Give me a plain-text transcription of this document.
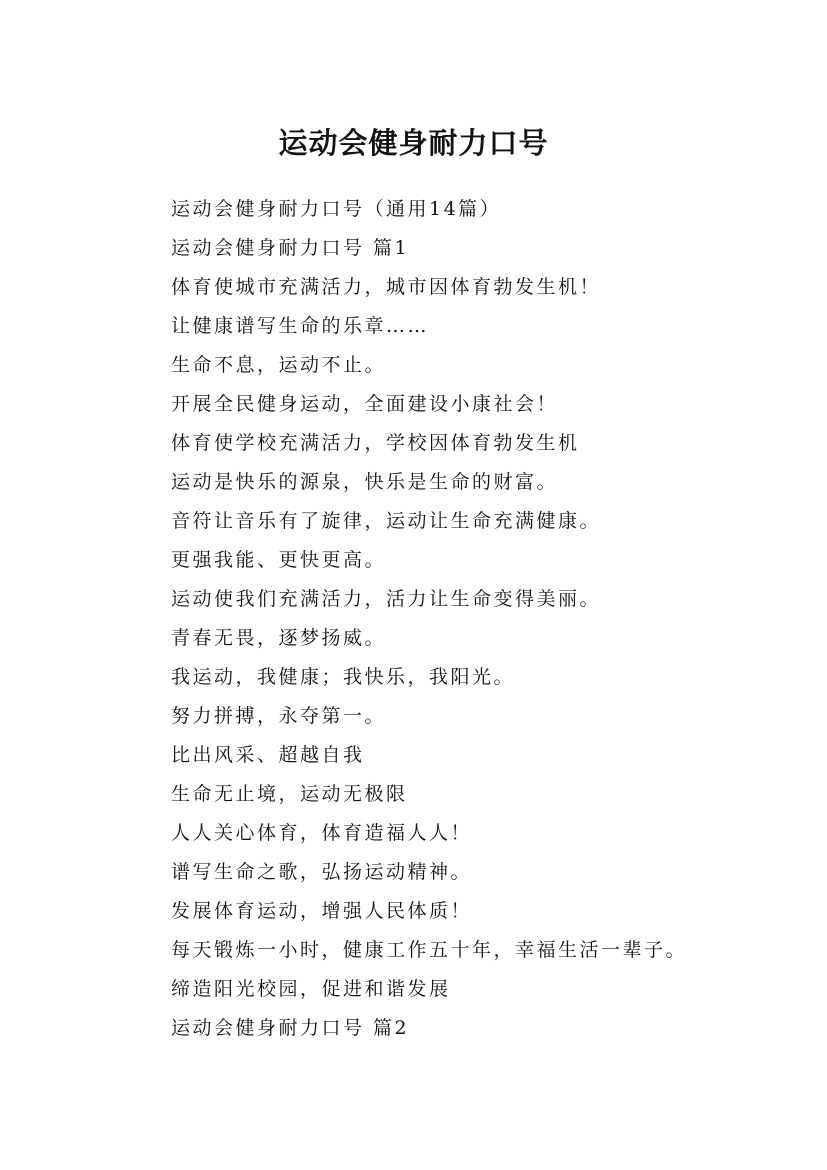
运动会健身耐力口号
运动会健身耐力口号（通用14篇）
运动会健身耐力口号 篇1
体育使城市充满活力，城市因体育勃发生机！
让健康谱写生命的乐章……
生命不息，运动不止。
开展全民健身运动，全面建设小康社会！
体育使学校充满活力，学校因体育勃发生机
运动是快乐的源泉，快乐是生命的财富。
音符让音乐有了旋律，运动让生命充满健康。
更强我能、更快更高。
运动使我们充满活力，活力让生命变得美丽。
青春无畏，逐梦扬威。
我运动，我健康；我快乐，我阳光。
努力拼搏，永夺第一。
比出风采、超越自我
生命无止境，运动无极限
人人关心体育，体育造福人人！
谱写生命之歌，弘扬运动精神。
发展体育运动，增强人民体质！
每天锻炼一小时，健康工作五十年，幸福生活一辈子。
缔造阳光校园，促进和谐发展
运动会健身耐力口号 篇2
